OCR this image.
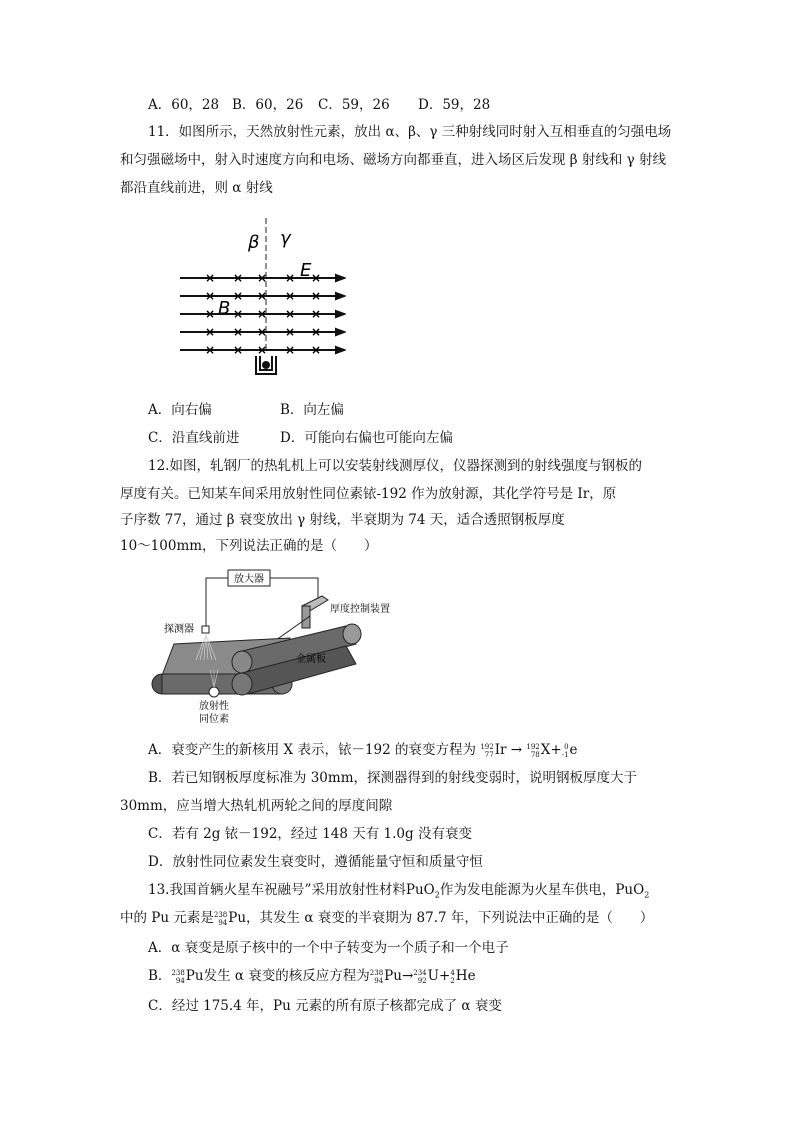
A．60，28 B．60，26 C．59，26 D．59，28
11．如图所示，天然放射性元素，放出 α、β、γ 三种射线同时射入互相垂直的匀强电场
和匀强磁场中，射入时速度方向和电场、磁场方向都垂直，进入场区后发现 β 射线和 γ 射线
都沿直线前进，则 α 射线
β γ
E
B
× × × × ×
× × × × ×
× × × × ×
× × × × ×
× × × × ×
A．向右偏	B．向左偏
C．沿直线前进	D．可能向右偏也可能向左偏
12.如图，轧钢厂的热轧机上可以安装射线测厚仪，仪器探测到的射线强度与钢板的
厚度有关。已知某车间采用放射性同位素铱-192 作为放射源，其化学符号是 Ir，原
子序数 77，通过 β 衰变放出 γ 射线，半衰期为 74 天，适合透照钢板厚度
10～100mm，下列说法正确的是（　　）
放大器
探测器
厚度控制装置
金属板
放射性
同位素
A．衰变产生的新核用 X 表示，铱－192 的衰变方程为 192
77 Ir → 192
78 X+ 0
-1 e
B．若已知钢板厚度标准为 30mm，探测器得到的射线变弱时，说明钢板厚度大于
30mm，应当增大热轧机两轮之间的厚度间隙
C．若有 2g 铱－192，经过 148 天有 1.0g 没有衰变
D．放射性同位素发生衰变时，遵循能量守恒和质量守恒
13.我国首辆火星车祝融号”采用放射性材料PuO$_2$作为发电能源为火星车供电，PuO$_2$
中的 Pu 元素是 238
94 Pu，其发生 α 衰变的半衰期为 87.7 年，下列说法中正确的是（　　）
A．α 衰变是原子核中的一个中子转变为一个质子和一个电子
B． 238
94 Pu发生 α 衰变的核反应方程为 238
94 Pu→ 234
92 U+ 4
2 He
C．经过 175.4 年，Pu 元素的所有原子核都完成了 α 衰变
